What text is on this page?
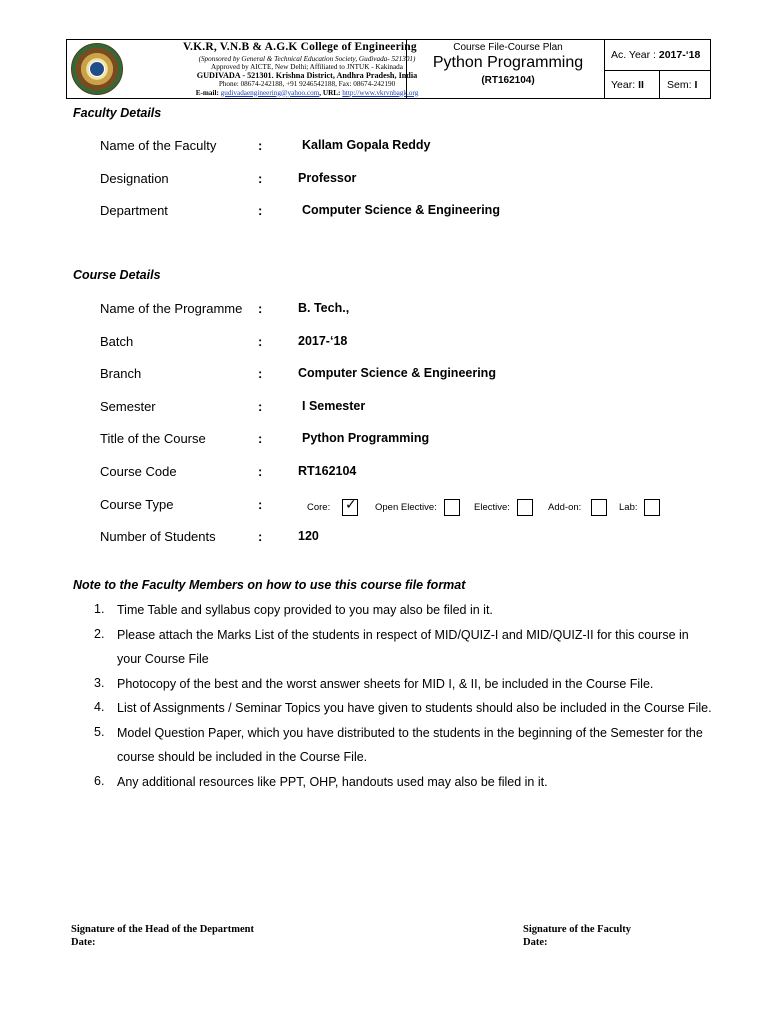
V.K.R, V.N.B & A.G.K College of Engineering
(Sponsored by General & Technical Education Society, Gudivada- 521301)
Approved by AICTE, New Delhi; Affiliated to JNTUK - Kakinada
GUDIVADA - 521301. Krishna District, Andhra Pradesh, India
Phone: 08674-242188, +91 9246542188, Fax: 08674-242190
E-mail: gudivadaengineering@yahoo.com, URL: http://www.vkrvnbagk.org
Course File-Course Plan
Python Programming
(RT162104)
Ac. Year : 2017-‘18
Year: II Sem: I
Faculty Details
Name of the Faculty	:	Kallam Gopala Reddy
Designation	:	Professor
Department	:	Computer Science & Engineering
Course Details
Name of the Programme :	B. Tech.,
Batch	:	2017-‘18
Branch	:	Computer Science & Engineering
Semester	:	I Semester
Title of the Course	:	Python Programming
Course Code	:	RT162104
Course Type	:	Core: ✓ Open Elective:	Elective:	Add-on:	Lab:
Number of Students	:	120
Note to the Faculty Members on how to use this course file format
1. Time Table and syllabus copy provided to you may also be filed in it.
2. Please attach the Marks List of the students in respect of MID/QUIZ-I and MID/QUIZ-II for this course in your Course File
3. Photocopy of the best and the worst answer sheets for MID I, & II, be included in the Course File.
4. List of Assignments / Seminar Topics you have given to students should also be included in the Course File.
5. Model Question Paper, which you have distributed to the students in the beginning of the Semester for the course should be included in the Course File.
6. Any additional resources like PPT, OHP, handouts used may also be filed in it.
Signature of the Head of the Department
Date:
Signature of the Faculty
Date:
